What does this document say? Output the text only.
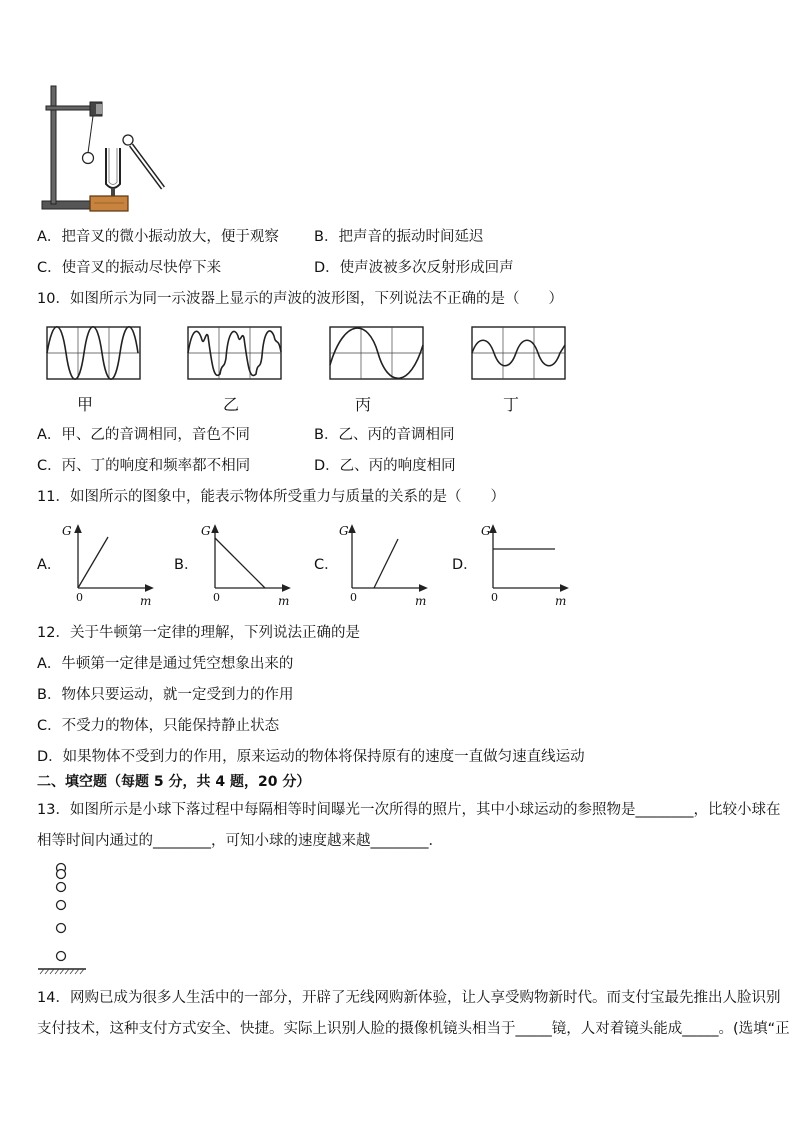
A．把音叉的微小振动放大，便于观察 B．把声音的振动时间延迟
C．使音叉的振动尽快停下来	D．使声波被多次反射形成回声
10．如图所示为同一示波器上显示的声波的波形图，下列说法不正确的是（　　）
甲	乙	丙	丁
A．甲、乙的音调相同，音色不同	B．乙、丙的音调相同
C．丙、丁的响度和频率都不相同	D．乙、丙的响度相同
11．如图所示的图象中，能表示物体所受重力与质量的关系的是（　　）
A．	B．	C．	D．
G
m
0
G
m
0
G
m
0
G
m
0
12．关于牛顿第一定律的理解，下列说法正确的是
A．牛顿第一定律是通过凭空想象出来的
B．物体只要运动，就一定受到力的作用
C．不受力的物体，只能保持静止状态
D．如果物体不受到力的作用，原来运动的物体将保持原有的速度一直做匀速直线运动
二、填空题（每题 5 分，共 4 题，20 分）
13．如图所示是小球下落过程中每隔相等时间曝光一次所得的照片，其中小球运动的参照物是________，比较小球在
相等时间内通过的________，可知小球的速度越来越________．
14．网购已成为很多人生活中的一部分，开辟了无线网购新体验，让人享受购物新时代。而支付宝最先推出人脸识别
支付技术，这种支付方式安全、快捷。实际上识别人脸的摄像机镜头相当于_____镜，人对着镜头能成_____。(选填“正
